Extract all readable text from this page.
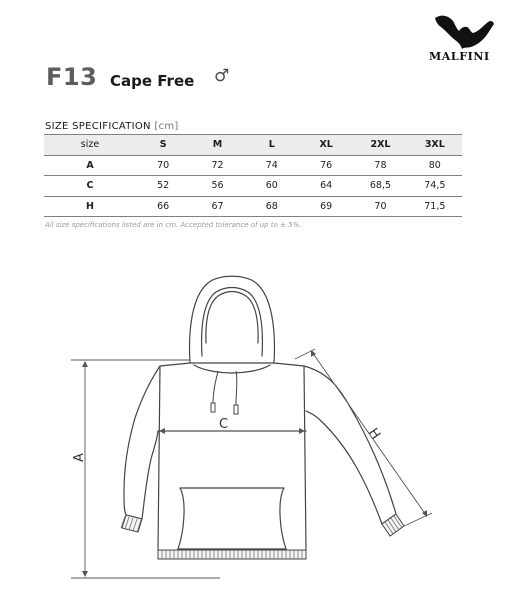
MALFINI
F13 Cape Free ♂
SIZE SPECIFICATION [cm]
size	S	M	L	XL	2XL	3XL
A	70	72	74	76	78	80
C	52	56	60	64	68,5	74,5
H	66	67	68	69	70	71,5
All size specifications listed are in cm. Accepted tolerance of up to ± 5%.
A
C
H
